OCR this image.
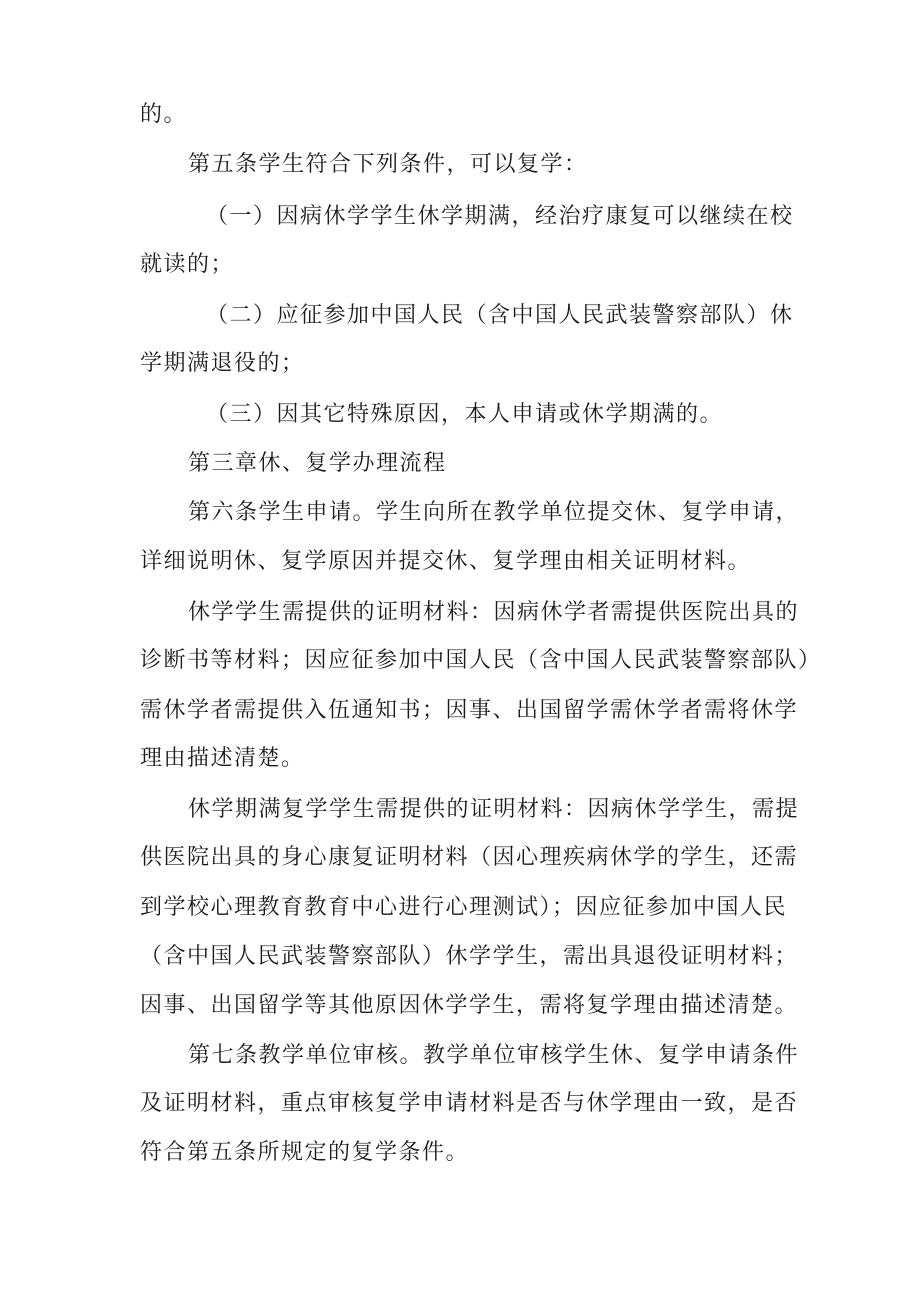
的。
第五条学生符合下列条件，可以复学：
（一）因病休学学生休学期满，经治疗康复可以继续在校
就读的；
（二）应征参加中国人民（含中国人民武装警察部队）休
学期满退役的；
（三）因其它特殊原因，本人申请或休学期满的。
第三章休、复学办理流程
第六条学生申请。学生向所在教学单位提交休、复学申请，
详细说明休、复学原因并提交休、复学理由相关证明材料。
休学学生需提供的证明材料：因病休学者需提供医院出具的
诊断书等材料；因应征参加中国人民（含中国人民武装警察部队）
需休学者需提供入伍通知书；因事、出国留学需休学者需将休学
理由描述清楚。
休学期满复学学生需提供的证明材料：因病休学学生，需提
供医院出具的身心康复证明材料（因心理疾病休学的学生，还需
到学校心理教育教育中心进行心理测试）；因应征参加中国人民
（含中国人民武装警察部队）休学学生，需出具退役证明材料；
因事、出国留学等其他原因休学学生，需将复学理由描述清楚。
第七条教学单位审核。教学单位审核学生休、复学申请条件
及证明材料，重点审核复学申请材料是否与休学理由一致，是否
符合第五条所规定的复学条件。
